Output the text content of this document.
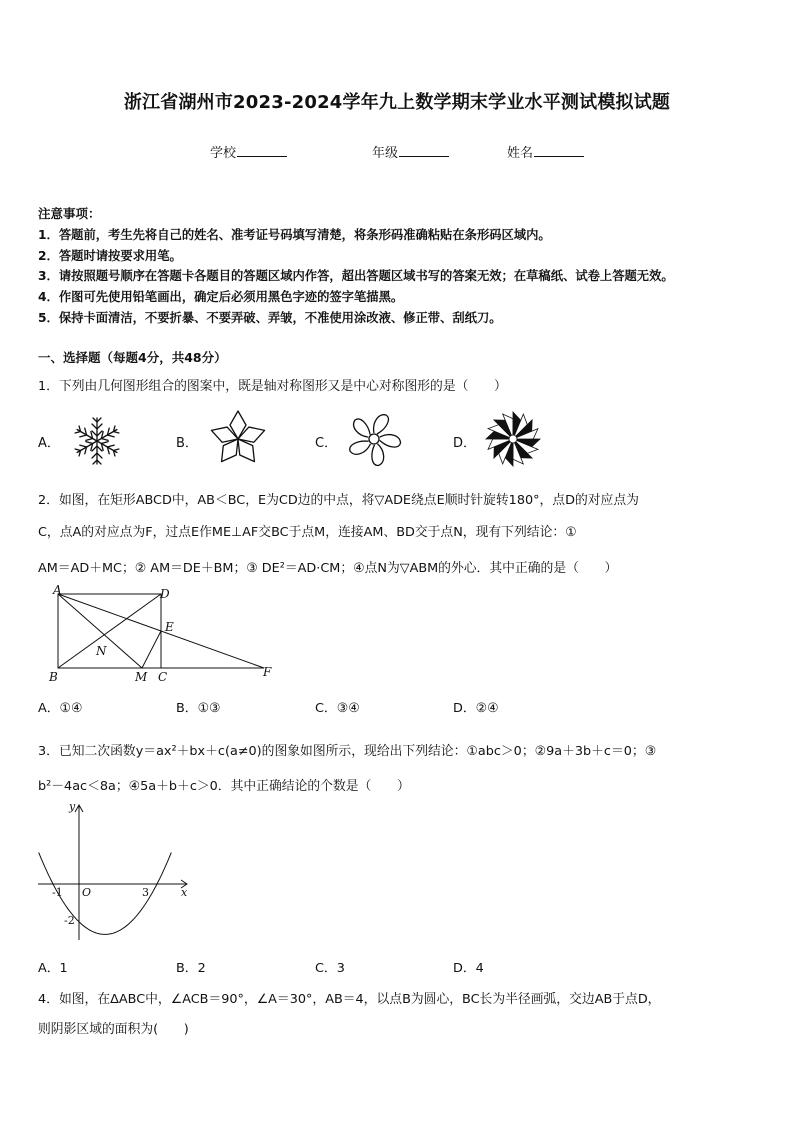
浙江省湖州市2023-2024学年九上数学期末学业水平测试模拟试题
学校	年级	姓名
注意事项：
1．答题前，考生先将自己的姓名、准考证号码填写清楚，将条形码准确粘贴在条形码区域内。
2．答题时请按要求用笔。
3．请按照题号顺序在答题卡各题目的答题区域内作答，超出答题区域书写的答案无效；在草稿纸、试卷上答题无效。
4．作图可先使用铅笔画出，确定后必须用黑色字迹的签字笔描黑。
5．保持卡面清洁，不要折暴、不要弄破、弄皱，不准使用涂改液、修正带、刮纸刀。
一、选择题（每题4分，共48分）
1．下列由几何图形组合的图案中，既是轴对称图形又是中心对称图形的是（　　）
A．	B．	C．	D．
2．如图，在矩形ABCD中，AB＜BC，E为CD边的中点，将▽ADE绕点E顺时针旋转180°，点D的对应点为
C，点A的对应点为F，过点E作ME⊥AF交BC于点M，连接AM、BD交于点N，现有下列结论：①
AM＝AD＋MC；② AM＝DE＋BM；③ DE²＝AD·CM；④点N为▽ABM的外心．其中正确的是（　　）
A	D
E
N
B	M C	F
A．①④	B．①③	C．③④	D．②④
3．已知二次函数y＝ax²＋bx＋c(a≠0)的图象如图所示，现给出下列结论：①abc＞0；②9a＋3b＋c＝0；③
b²－4ac＜8a；④5a＋b＋c＞0．其中正确结论的个数是（　　）
y
x
O
-1	3
-2
A．1	B．2	C．3	D．4
4．如图，在ΔABC中，∠ACB＝90°，∠A＝30°，AB＝4，以点B为圆心，BC长为半径画弧，交边AB于点D，
则阴影区域的面积为(　　)
